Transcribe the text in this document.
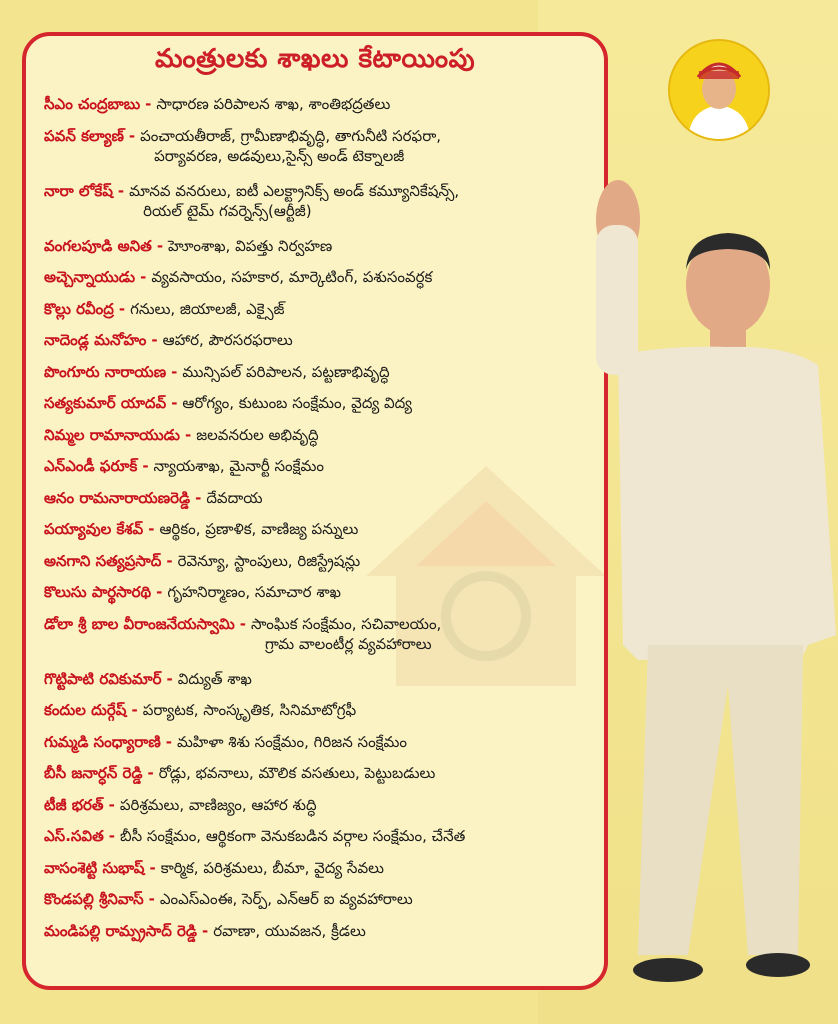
మంత్రులకు శాఖలు కేటాయింపు
సీఎం చంద్రబాబు - సాధారణ పరిపాలన శాఖ, శాంతిభద్రతలు
పవన్ కల్యాణ్ - పంచాయతీరాజ్, గ్రామీణాభివృద్ధి, తాగునీటి సరఫరా,
పర్యావరణ, అడవులు,సైన్స్ అండ్ టెక్నాలజీ
నారా లోకేష్ - మానవ వనరులు, ఐటీ ఎలక్ట్రానిక్స్ అండ్ కమ్యూనికేషన్స్,
రియల్ టైమ్ గవర్నెన్స్(ఆర్టీజీ)
వంగలపూడి అనిత - హెూంశాఖ, విపత్తు నిర్వహణ
అచ్చెన్నాయుడు - వ్యవసాయం, సహకార, మార్కెటింగ్, పశుసంవర్ధక
కొల్లు రవీంద్ర - గనులు, జియాలజీ, ఎక్సైజ్
నాదెండ్ల మనోహం - ఆహార, పౌరసరఫరాలు
పొంగూరు నారాయణ - మున్సిపల్ పరిపాలన, పట్టణాభివృద్ధి
సత్యకుమార్ యాదవ్ - ఆరోగ్యం, కుటుంబ సంక్షేమం, వైద్య విద్య
నిమ్మల రామానాయుడు - జలవనరుల అభివృద్ధి
ఎన్ఎండీ ఫరూక్ - న్యాయశాఖ, మైనార్టీ సంక్షేమం
ఆనం రామనారాయణరెడ్డి - దేవదాయ
పయ్యావుల కేశవ్ - ఆర్థికం, ప్రణాళిక, వాణిజ్య పన్నులు
అనగాని సత్యప్రసాద్ - రెవెన్యూ, స్టాంపులు, రిజిస్ట్రేషన్లు
కొలుసు పార్థసారథి - గృహనిర్మాణం, సమాచార శాఖ
డోలా శ్రీ బాల వీరాంజనేయస్వామి - సాంఘిక సంక్షేమం, సచివాలయం,
గ్రామ వాలంటీర్ల వ్యవహారాలు
గొట్టిపాటి రవికుమార్ - విద్యుత్ శాఖ
కందుల దుర్గేష్ - పర్యాటక, సాంస్కృతిక, సినిమాటోగ్రఫీ
గుమ్మడి సంధ్యారాణి - మహిళా శిశు సంక్షేమం, గిరిజన సంక్షేమం
బీసీ జనార్ధన్ రెడ్డి - రోడ్లు, భవనాలు, మౌలిక వసతులు, పెట్టుబడులు
టీజీ భరత్ - పరిశ్రమలు, వాణిజ్యం, ఆహార శుద్ధి
ఎస్.సవిత - బీసీ సంక్షేమం, ఆర్థికంగా వెనుకబడిన వర్గాల సంక్షేమం, చేనేత
వాసంశెట్టి సుభాష్ - కార్మిక, పరిశ్రమలు, బీమా, వైద్య సేవలు
కొండపల్లి శ్రీనివాస్ - ఎంఎస్ఎంఈ, సెర్ప్, ఎన్ఆర్ ఐ వ్యవహారాలు
మండిపల్లి రామ్ప్రసాద్ రెడ్డి - రవాణా, యువజన, క్రీడలు
